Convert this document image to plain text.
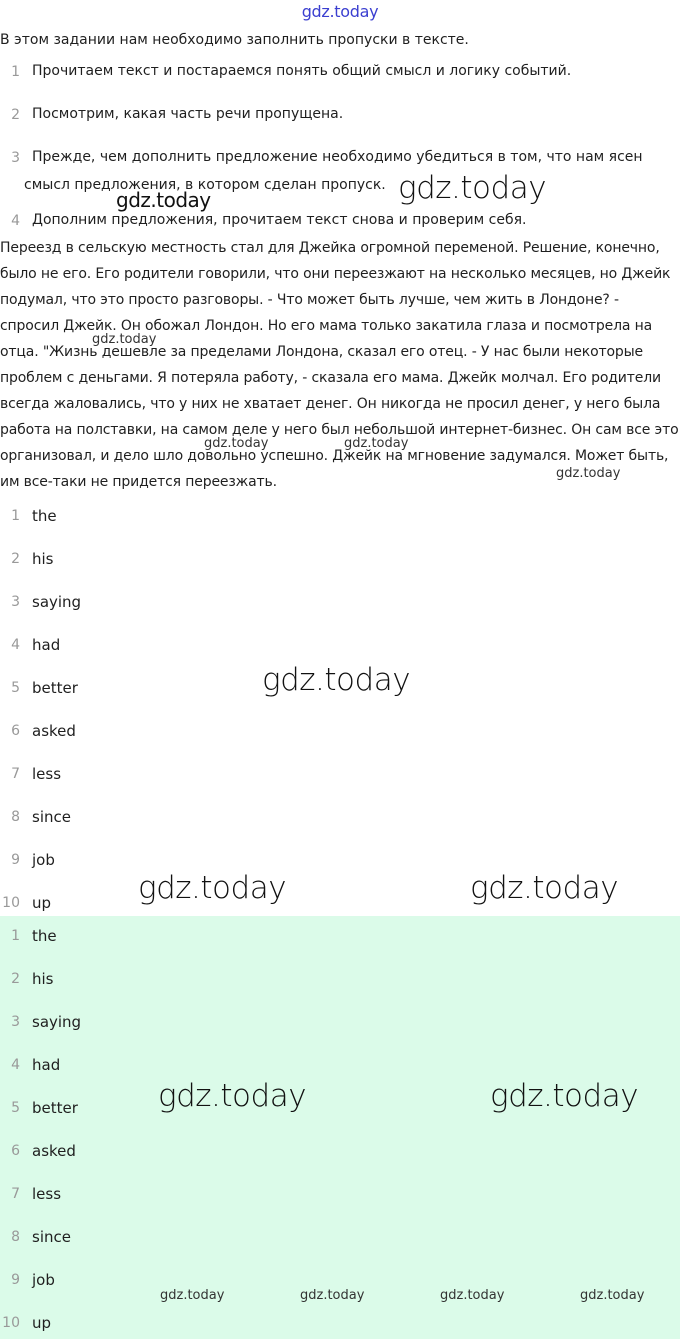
gdz.today
В этом задании нам необходимо заполнить пропуски в тексте.
1 Прочитаем текст и постараемся понять общий смысл и логику событий.
2 Посмотрим, какая часть речи пропущена.
3 Прежде, чем дополнить предложение необходимо убедиться в том, что нам ясен смысл предложения, в котором сделан пропуск.
4 Дополним предложения, прочитаем текст снова и проверим себя.
Переезд в сельскую местность стал для Джейка огромной переменой. Решение, конечно, было не его. Его родители говорили, что они переезжают на несколько месяцев, но Джейк подумал, что это просто разговоры. - Что может быть лучше, чем жить в Лондоне? - спросил Джейк. Он обожал Лондон. Но его мама только закатила глаза и посмотрела на отца. "Жизнь дешевле за пределами Лондона, сказал его отец. - У нас были некоторые проблем с деньгами. Я потеряла работу, - сказала его мама. Джейк молчал. Его родители всегда жаловались, что у них не хватает денег. Он никогда не просил денег, у него была работа на полставки, на самом деле у него был небольшой интернет-бизнес. Он сам все это организовал, и дело шло довольно успешно. Джейк на мгновение задумался. Может быть, им все-таки не придется переезжать.
1 the
2 his
3 saying
4 had
5 better
6 asked
7 less
8 since
9 job
10 up
1 the
2 his
3 saying
4 had
5 better
6 asked
7 less
8 since
9 job
10 up
gdz.today
gdz.today
gdz.today
gdz.today	gdz.today
gdz.today
gdz.today
gdz.today	gdz.today
gdz.today	gdz.today
gdz.today	gdz.today	gdz.today	gdz.today
